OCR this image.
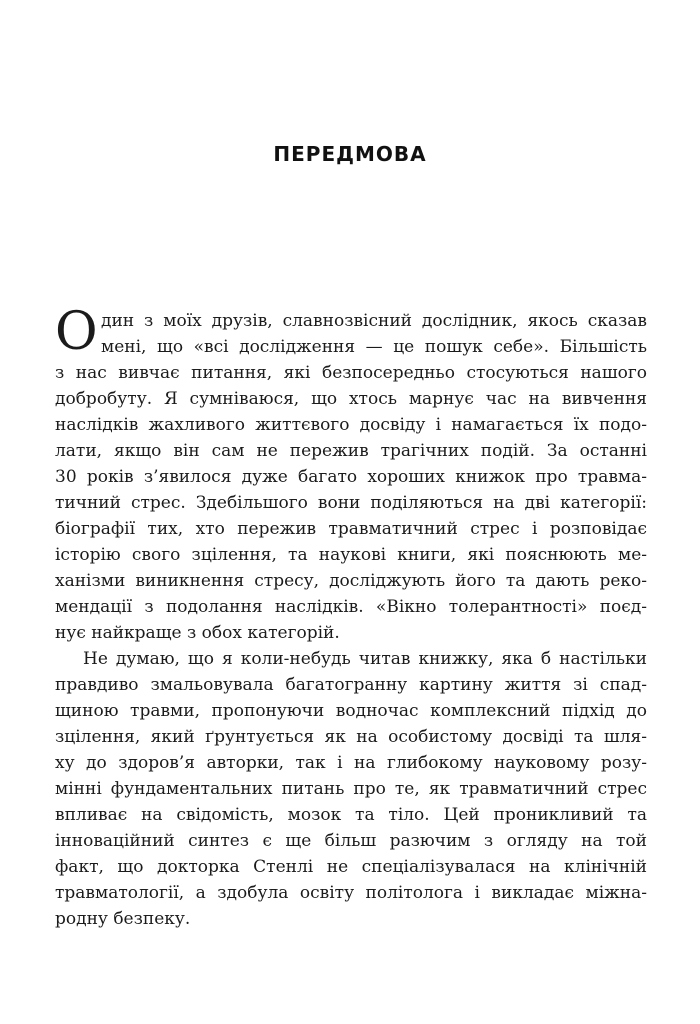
ПЕРЕДМОВА
О дин з моїх друзів, славнозвісний дослідник, якось сказав
мені, що «всі дослідження — це пошук себе». Більшість
з нас вивчає питання, які безпосередньо стосуються нашого
добробуту. Я сумніваюся, що хтось марнує час на вивчення
наслідків жахливого життєвого досвіду і намагається їх подо-
лати, якщо він сам не пережив трагічних подій. За останні
30 років з’явилося дуже багато хороших книжок про травма-
тичний стрес. Здебільшого вони поділяються на дві категорії:
біографії тих, хто пережив травматичний стрес і розповідає
історію свого зцілення, та наукові книги, які пояснюють ме-
ханізми виникнення стресу, досліджують його та дають реко-
мендації з подолання наслідків. «Вікно толерантності» поєд-
нує найкраще з обох категорій.
Не думаю, що я коли-небудь читав книжку, яка б настільки
правдиво змальовувала багатогранну картину життя зі спад-
щиною травми, пропонуючи водночас комплексний підхід до
зцілення, який ґрунтується як на особистому досвіді та шля-
ху до здоров’я авторки, так і на глибокому науковому розу-
мінні фундаментальних питань про те, як травматичний стрес
впливає на свідомість, мозок та тіло. Цей проникливий та
інноваційний синтез є ще більш разючим з огляду на той
факт, що докторка Стенлі не спеціалізувалася на клінічній
травматології, а здобула освіту політолога і викладає міжна-
родну безпеку.
